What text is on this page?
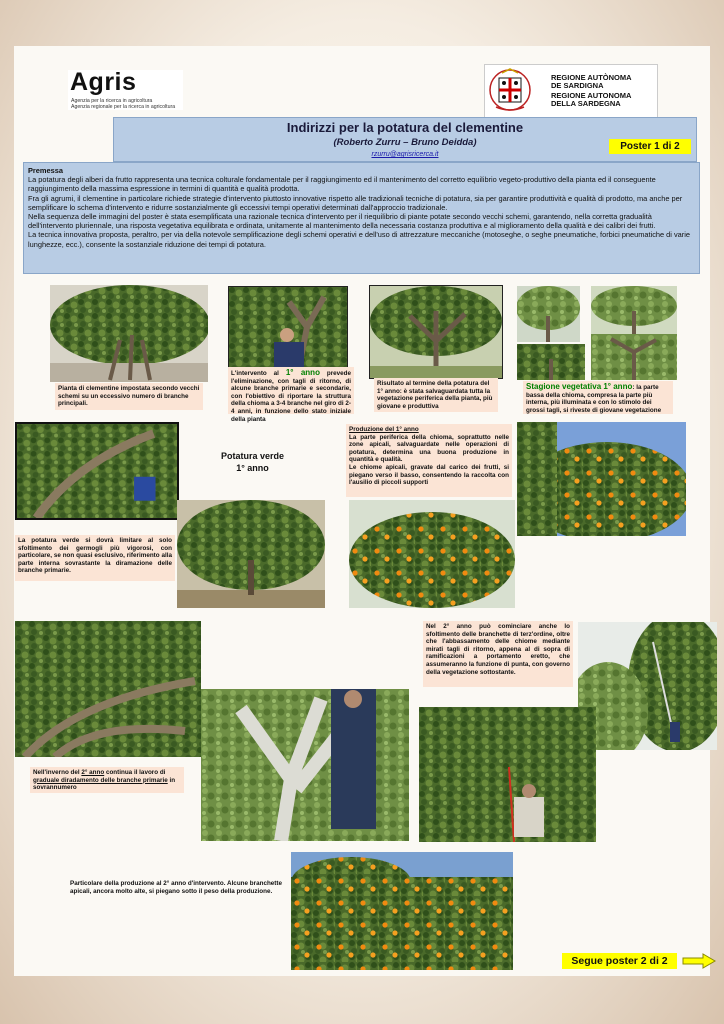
Agris
Agenzia per la ricerca in agricoltura
Agenzia regionale per la ricerca in agricoltura
REGIONE AUTÒNOMA
DE SARDIGNA
REGIONE AUTONOMA
DELLA SARDEGNA
Indirizzi per la potatura del clementine
(Roberto Zurru – Bruno Deidda)
rzurru@agrisricerca.it
Poster 1 di 2

Premessa

La potatura degli alberi da frutto rappresenta una tecnica colturale fondamentale per il raggiungimento ed il mantenimento del corretto equilibrio vegeto-produttivo della pianta ed il conseguente raggiungimento della massima espressione in termini di quantità e qualità prodotta.

Fra gli agrumi, il clementine in particolare richiede strategie d'intervento piuttosto innovative rispetto alle tradizionali tecniche di potatura, sia per garantire produttività e qualità di prodotto, ma anche per semplificare lo schema d'intervento e ridurre sostanzialmente gli eccessivi tempi operativi determinati dall'approccio tradizionale.

Nella sequenza delle immagini del poster è stata esemplificata una razionale tecnica d'intervento per il riequilibrio di piante potate secondo vecchi schemi, garantendo, nella corretta gradualità dell'intervento pluriennale, una risposta vegetativa equilibrata e ordinata, unitamente al mantenimento della necessaria costanza produttiva e al miglioramento della qualità e dei calibri dei frutti.

La tecnica innovativa proposta, peraltro, per via della notevole semplificazione degli schemi operativi e dell'uso di attrezzature meccaniche (motoseghe, o seghe pneumatiche, forbici pneumatiche di varie lunghezze, ecc.), consente la sostanziale riduzione dei tempi di potatura.

Pianta di clementine impostata secondo vecchi schemi su un eccessivo numero di branche principali.
L'intervento al 1° anno prevede l'eliminazione, con tagli di ritorno, di alcune branche primarie e secondarie, con l'obiettivo di riportare la struttura della chioma a 3-4 branche nel giro di 2-4 anni, in funzione dello stato iniziale della pianta
Risultato al termine della potatura del 1° anno: è stata salvaguardata tutta la vegetazione periferica della pianta, più giovane e produttiva
Stagione vegetativa 1° anno: la parte bassa della chioma, compresa la parte più interna, più illuminata e con lo stimolo dei grossi tagli, si riveste di giovane vegetazione
Potatura verde
1° anno
Produzione del 1° anno
La parte periferica della chioma, soprattutto nelle zone apicali, salvaguardate nelle operazioni di potatura, determina una buona produzione in quantità e qualità.
Le chiome apicali, gravate dal carico dei frutti, si piegano verso il basso, consentendo la raccolta con l'ausilio di piccoli supporti
La potatura verde si dovrà limitare al solo sfoltimento dei germogli più vigorosi, con particolare, se non quasi esclusivo, riferimento alla parte interna sovrastante la diramazione delle branche primarie.
Nel 2° anno può cominciare anche lo sfoltimento delle branchette di terz'ordine, oltre che l'abbassamento delle chiome mediante mirati tagli di ritorno, appena al di sopra di ramificazioni a portamento eretto, che assumeranno la funzione di punta, con governo della vegetazione sottostante.
Nell'inverno del 2° anno continua il lavoro di graduale diradamento delle branche primarie in sovrannumero
Particolare della produzione al 2° anno d'intervento. Alcune branchette apicali, ancora molto alte, si piegano sotto il peso della produzione.
Segue poster 2 di 2
